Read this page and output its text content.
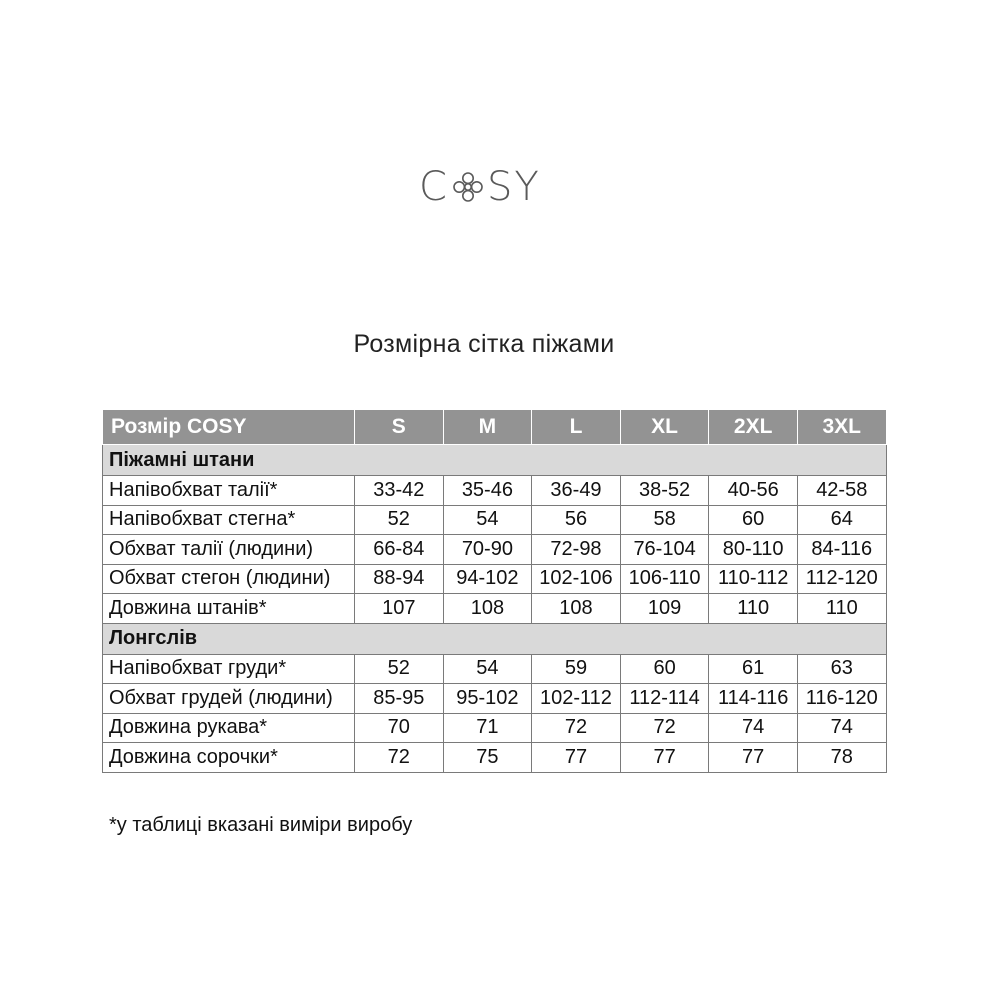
C S Y
Розмірна сітка піжами
Розмір COSY	S	M	L	XL	2XL	3XL
Піжамні штани						
Напівобхват талії*	33-42	35-46	36-49	38-52	40-56	42-58
Напівобхват стегна*	52	54	56	58	60	64
Обхват талії (людини)	66-84	70-90	72-98	76-104	80-110	84-116
Обхват стегон (людини)	88-94	94-102	102-106	106-110	110-112	112-120
Довжина штанів*	107	108	108	109	110	110
Лонгслів						
Напівобхват груди*	52	54	59	60	61	63
Обхват грудей (людини)	85-95	95-102	102-112	112-114	114-116	116-120
Довжина рукава*	70	71	72	72	74	74
Довжина сорочки*	72	75	77	77	77	78
*у таблиці вказані виміри виробу
